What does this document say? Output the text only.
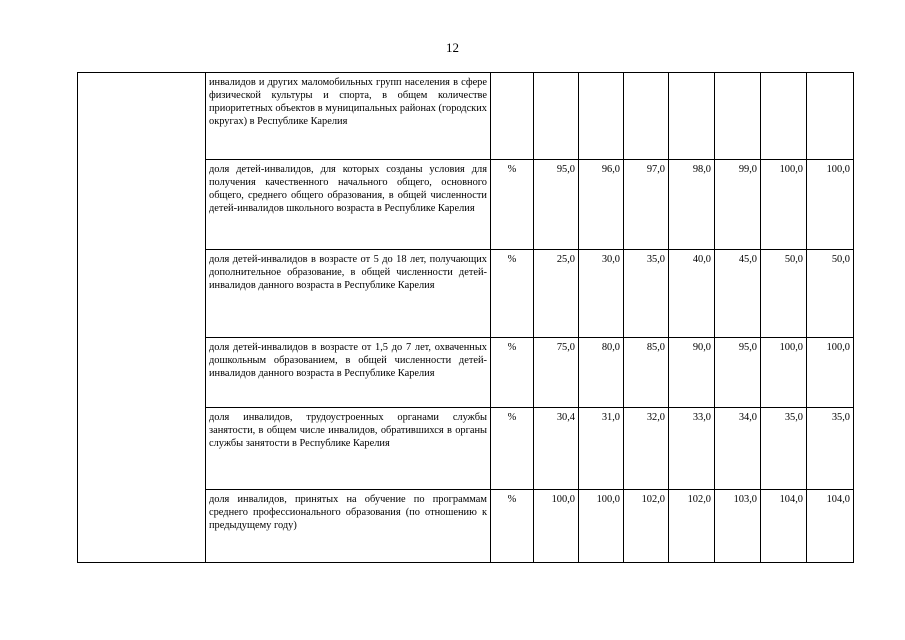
12
	инвалидов и других маломобильных групп населения в сфере физической культуры и спорта, в общем количестве приоритетных объектов в муниципальных районах (городских округах) в Республике Карелия								
	доля детей-инвалидов, для которых созданы условия для получения качественного начального общего, основного общего, среднего общего образования, в общей численности детей-инвалидов школьного возраста в Республике Карелия	%	95,0	96,0	97,0	98,0	99,0	100,0	100,0
	доля детей-инвалидов в возрасте от 5 до 18 лет, получающих дополнительное образование, в общей численности детей-инвалидов данного возраста в Республике Карелия	%	25,0	30,0	35,0	40,0	45,0	50,0	50,0
	доля детей-инвалидов в возрасте от 1,5 до 7 лет, охваченных дошкольным образованием, в общей численности детей-инвалидов данного возраста в Республике Карелия	%	75,0	80,0	85,0	90,0	95,0	100,0	100,0
	доля инвалидов, трудоустроенных органами службы занятости, в общем числе инвалидов, обратившихся в органы службы занятости в Республике Карелия	%	30,4	31,0	32,0	33,0	34,0	35,0	35,0
	доля инвалидов, принятых на обучение по программам среднего профессионального образования (по отношению к предыдущему году)	%	100,0	100,0	102,0	102,0	103,0	104,0	104,0
